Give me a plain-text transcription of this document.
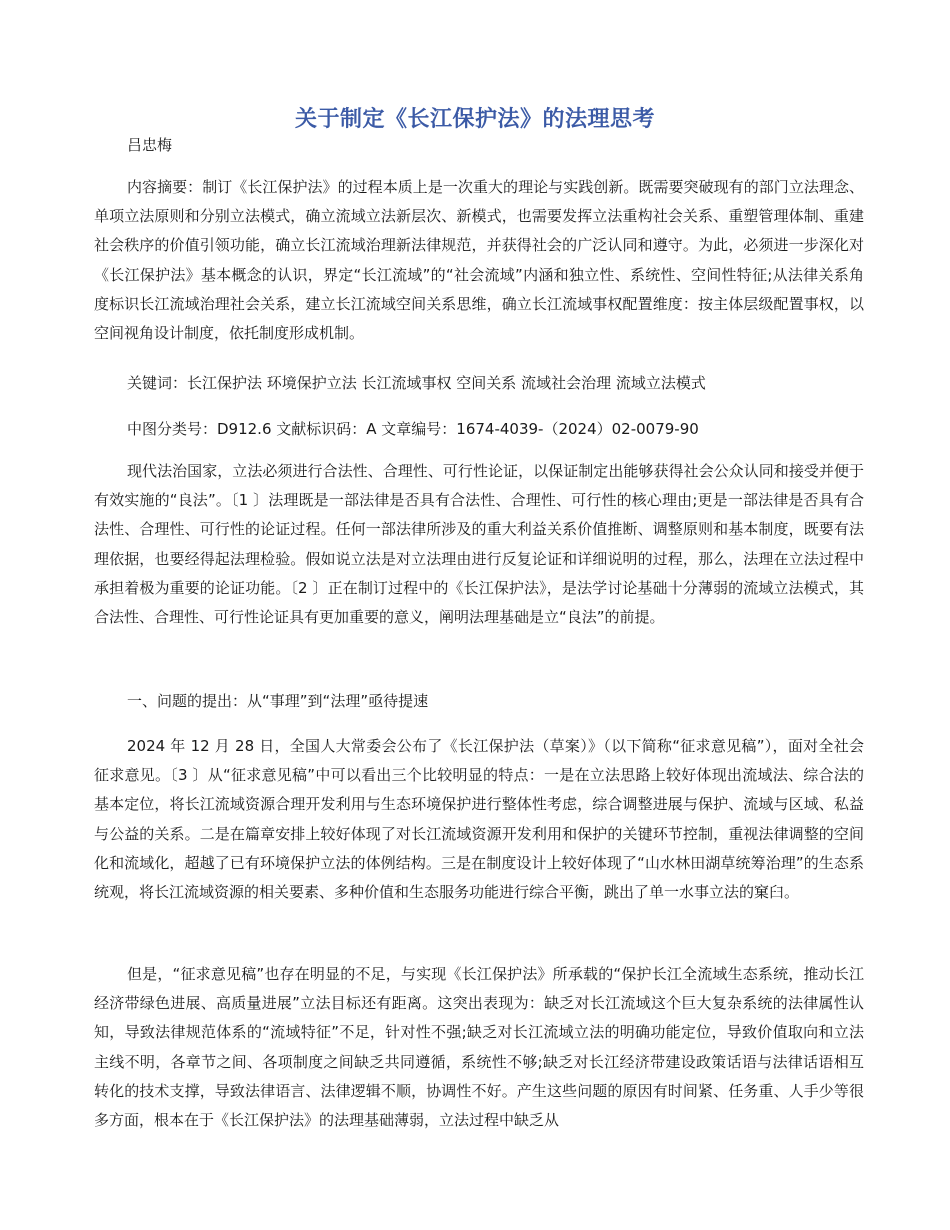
关于制定《长江保护法》的法理思考

吕忠梅

内容摘要：制订《长江保护法》的过程本质上是一次重大的理论与实践创新。既需要突破现有的部门立法理念、单项立法原则和分别立法模式，确立流域立法新层次、新模式，也需要发挥立法重构社会关系、重塑管理体制、重建社会秩序的价值引领功能，确立长江流域治理新法律规范，并获得社会的广泛认同和遵守。为此，必须进一步深化对《长江保护法》基本概念的认识，界定“长江流域”的“社会流域”内涵和独立性、系统性、空间性特征;从法律关系角度标识长江流域治理社会关系，建立长江流域空间关系思维，确立长江流域事权配置维度：按主体层级配置事权，以空间视角设计制度，依托制度形成机制。

关键词：长江保护法 环境保护立法 长江流域事权 空间关系 流域社会治理 流域立法模式

中图分类号：D912.6 文献标识码：A 文章编号：1674-4039-（2024）02-0079-90

现代法治国家，立法必须进行合法性、合理性、可行性论证，以保证制定出能够获得社会公众认同和接受并便于有效实施的“良法”。〔1 〕法理既是一部法律是否具有合法性、合理性、可行性的核心理由;更是一部法律是否具有合法性、合理性、可行性的论证过程。任何一部法律所涉及的重大利益关系价值推断、调整原则和基本制度，既要有法理依据，也要经得起法理检验。假如说立法是对立法理由进行反复论证和详细说明的过程，那么，法理在立法过程中承担着极为重要的论证功能。〔2 〕正在制订过程中的《长江保护法》，是法学讨论基础十分薄弱的流域立法模式，其合法性、合理性、可行性论证具有更加重要的意义，阐明法理基础是立“良法”的前提。

一、问题的提出：从“事理”到“法理”亟待提速

2024 年 12 月 28 日，全国人大常委会公布了《长江保护法（草案）》（以下简称“征求意见稿”），面对全社会征求意见。〔3 〕从“征求意见稿”中可以看出三个比较明显的特点：一是在立法思路上较好体现出流域法、综合法的基本定位，将长江流域资源合理开发利用与生态环境保护进行整体性考虑，综合调整进展与保护、流域与区域、私益与公益的关系。二是在篇章安排上较好体现了对长江流域资源开发利用和保护的关键环节控制，重视法律调整的空间化和流域化，超越了已有环境保护立法的体例结构。三是在制度设计上较好体现了“山水林田湖草统筹治理”的生态系统观，将长江流域资源的相关要素、多种价值和生态服务功能进行综合平衡，跳出了单一水事立法的窠臼。

但是，“征求意见稿”也存在明显的不足，与实现《长江保护法》所承载的“保护长江全流域生态系统，推动长江经济带绿色进展、高质量进展”立法目标还有距离。这突出表现为：缺乏对长江流域这个巨大复杂系统的法律属性认知，导致法律规范体系的“流域特征”不足，针对性不强;缺乏对长江流域立法的明确功能定位，导致价值取向和立法主线不明，各章节之间、各项制度之间缺乏共同遵循，系统性不够;缺乏对长江经济带建设政策话语与法律话语相互转化的技术支撑，导致法律语言、法律逻辑不顺，协调性不好。产生这些问题的原因有时间紧、任务重、人手少等很多方面，根本在于《长江保护法》的法理基础薄弱，立法过程中缺乏从
